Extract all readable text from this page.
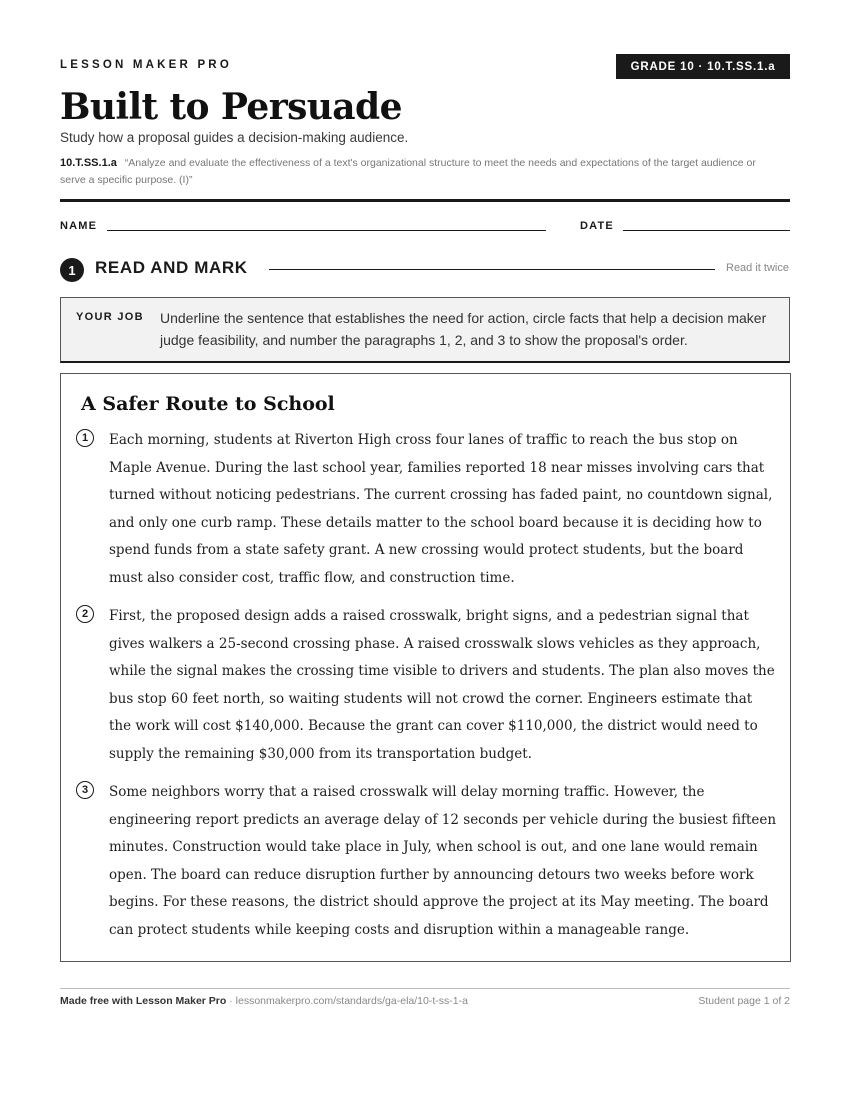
LESSON MAKER PRO	GRADE 10 · 10.T.SS.1.a
Built to Persuade
Study how a proposal guides a decision-making audience.
10.T.SS.1.a “Analyze and evaluate the effectiveness of a text's organizational structure to meet the needs and expectations of the target audience or serve a specific purpose. (I)”
NAME	DATE
1	READ AND MARK	Read it twice
YOUR JOB Underline the sentence that establishes the need for action, circle facts that help a decision maker judge feasibility, and number the paragraphs 1, 2, and 3 to show the proposal's order.
A Safer Route to School
1	Each morning, students at Riverton High cross four lanes of traffic to reach the bus stop on Maple Avenue. During the last school year, families reported 18 near misses involving cars that turned without noticing pedestrians. The current crossing has faded paint, no countdown signal, and only one curb ramp. These details matter to the school board because it is deciding how to spend funds from a state safety grant. A new crossing would protect students, but the board must also consider cost, traffic flow, and construction time.

2	First, the proposed design adds a raised crosswalk, bright signs, and a pedestrian signal that gives walkers a 25-second crossing phase. A raised crosswalk slows vehicles as they approach, while the signal makes the crossing time visible to drivers and students. The plan also moves the bus stop 60 feet north, so waiting students will not crowd the corner. Engineers estimate that the work will cost $140,000. Because the grant can cover $110,000, the district would need to supply the remaining $30,000 from its transportation budget.

3	Some neighbors worry that a raised crosswalk will delay morning traffic. However, the engineering report predicts an average delay of 12 seconds per vehicle during the busiest fifteen minutes. Construction would take place in July, when school is out, and one lane would remain open. The board can reduce disruption further by announcing detours two weeks before work begins. For these reasons, the district should approve the project at its May meeting. The board can protect students while keeping costs and disruption within a manageable range.

Made free with Lesson Maker Pro · lessonmakerpro.com/standards/ga-ela/10-t-ss-1-a	Student page 1 of 2
